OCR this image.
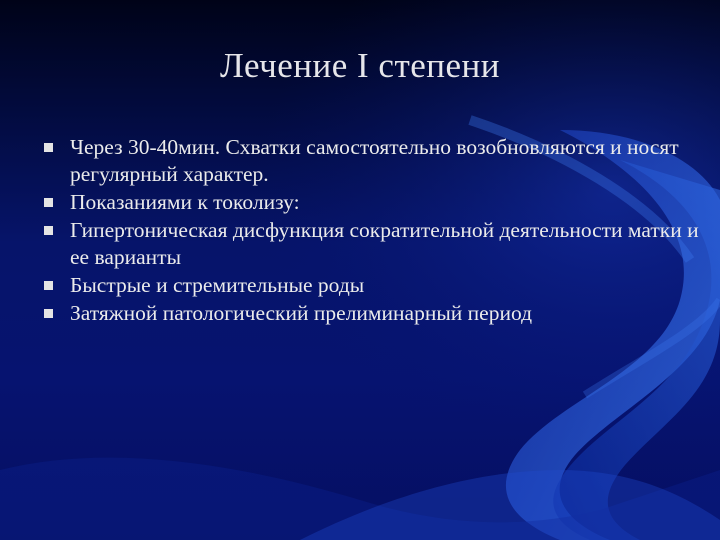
Лечение I степени
Через 30-40мин. Схватки самостоятельно возобновляются и носят регулярный характер.
Показаниями к токолизу:
Гипертоническая дисфункция сократительной деятельности матки и ее варианты
Быстрые и стремительные роды
Затяжной патологический прелиминарный период
